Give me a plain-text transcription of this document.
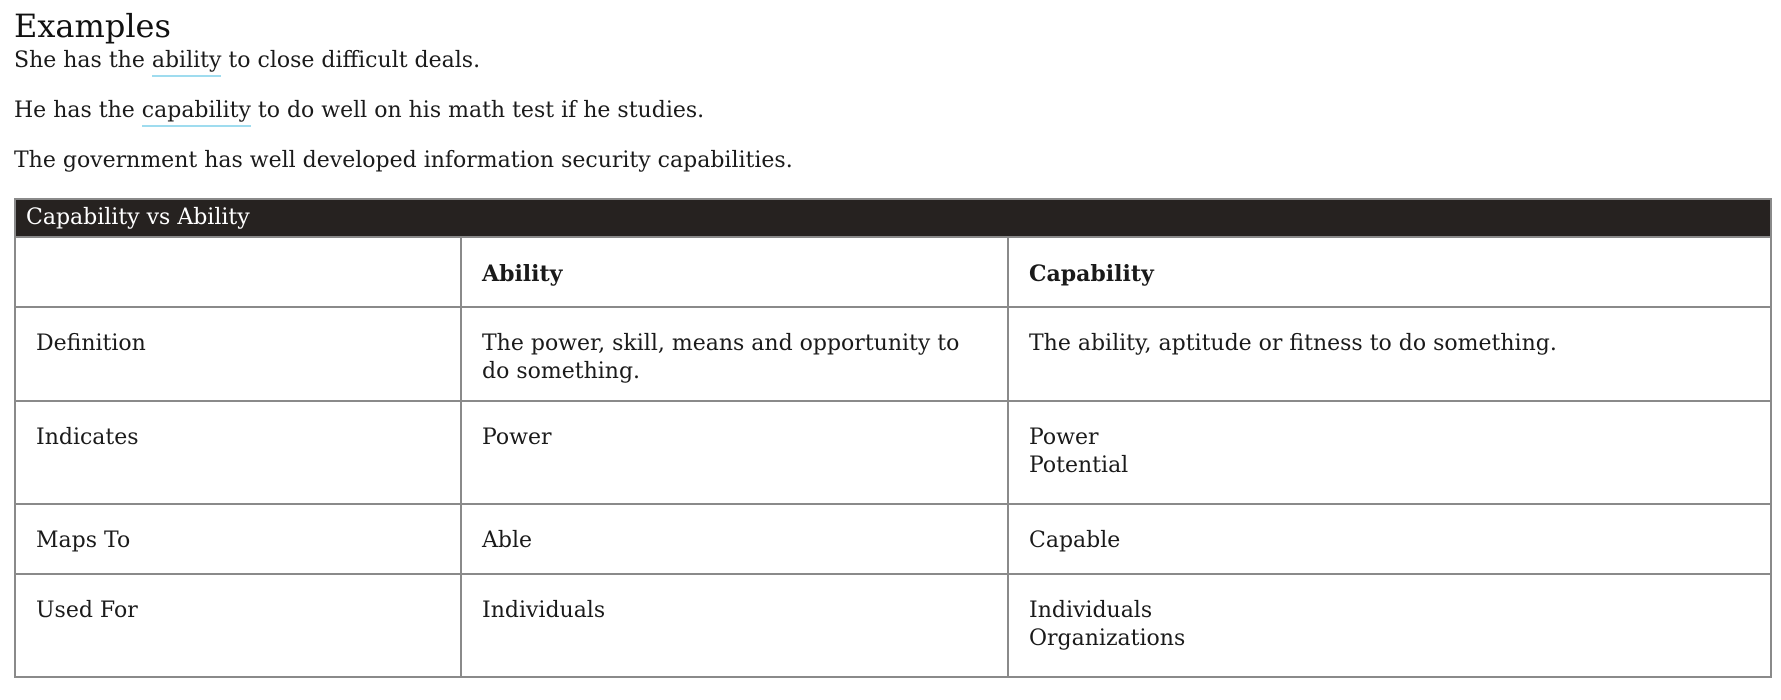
Examples

She has the ability to close difficult deals.

He has the capability to do well on his math test if he studies.

The government has well developed information security capabilities.

Capability vs Ability
	Ability	Capability
Definition	The power, skill, means and opportunity to do something.	The ability, aptitude or fitness to do something.

Indicates	Power	Power
Potential

Maps To	Able	Capable

Used For	Individuals	Individuals
Organizations
